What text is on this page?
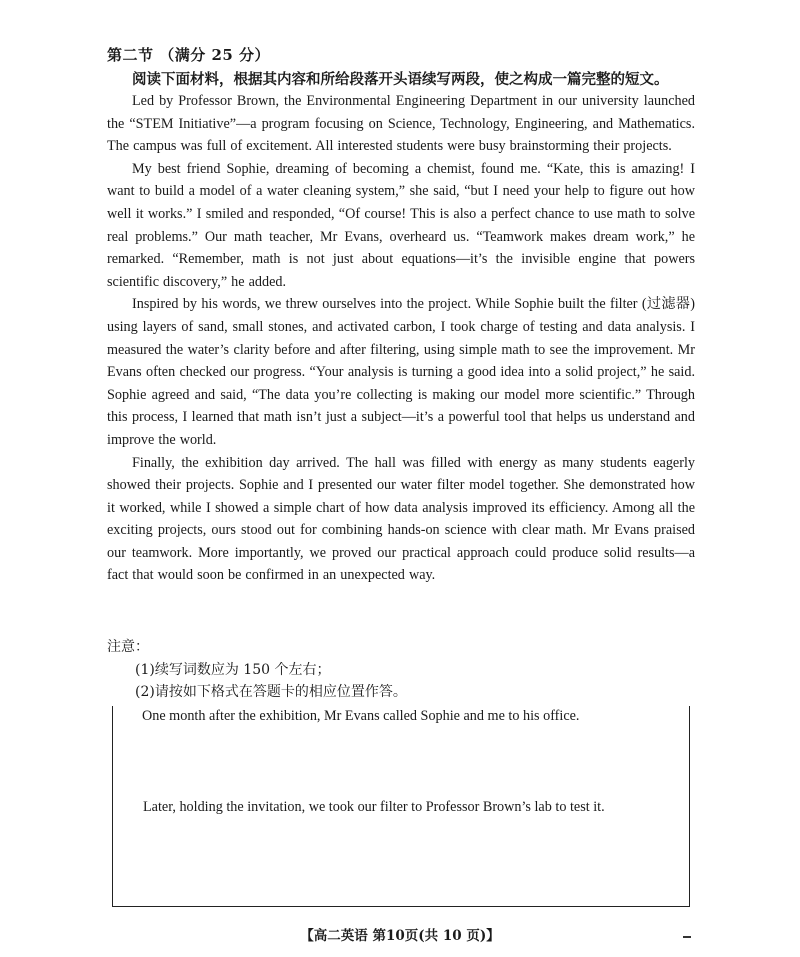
第二节 （满分 25 分）
阅读下面材料，根据其内容和所给段落开头语续写两段，使之构成一篇完整的短文。

Led by Professor Brown, the Environmental Engineering Department in our university launched the “STEM Initiative”—a program focusing on Science, Technology, Engineering, and Mathematics. The campus was full of excitement. All interested students were busy brainstorming their projects.

My best friend Sophie, dreaming of becoming a chemist, found me. “Kate, this is amazing! I want to build a model of a water cleaning system,” she said, “but I need your help to figure out how well it works.” I smiled and responded, “Of course! This is also a perfect chance to use math to solve real problems.” Our math teacher, Mr Evans, overheard us. “Teamwork makes dream work,” he remarked. “Remember, math is not just about equations—it’s the invisible engine that powers scientific discovery,” he added.

Inspired by his words, we threw ourselves into the project. While Sophie built the filter (过滤器) using layers of sand, small stones, and activated carbon, I took charge of testing and data analysis. I measured the water’s clarity before and after filtering, using simple math to see the improvement. Mr Evans often checked our progress. “Your analysis is turning a good idea into a solid project,” he said. Sophie agreed and said, “The data you’re collecting is making our model more scientific.” Through this process, I learned that math isn’t just a subject—it’s a powerful tool that helps us understand and improve the world.

Finally, the exhibition day arrived. The hall was filled with energy as many students eagerly showed their projects. Sophie and I presented our water filter model together. She demonstrated how it worked, while I showed a simple chart of how data analysis improved its efficiency. Among all the exciting projects, ours stood out for combining hands-on science with clear math. Mr Evans praised our teamwork. More importantly, we proved our practical approach could produce solid results—a fact that would soon be confirmed in an unexpected way.

注意：
(1)续写词数应为 150 个左右；
(2)请按如下格式在答题卡的相应位置作答。
One month after the exhibition, Mr Evans called Sophie and me to his office.
Later, holding the invitation, we took our filter to Professor Brown’s lab to test it.
【高二英语 第10页(共 10 页)】
